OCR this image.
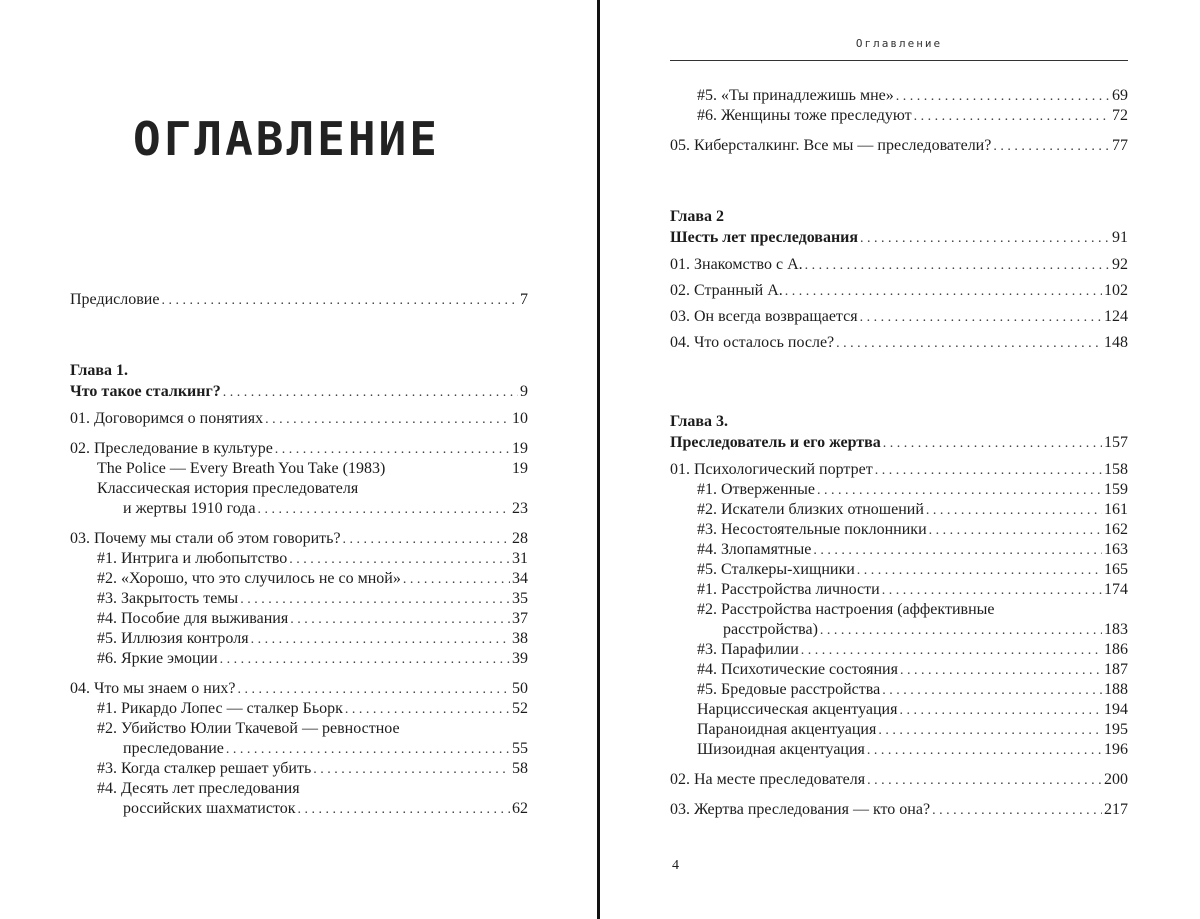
ОГЛАВЛЕНИЕ
Предисловие . . .	7
Глава 1.
Что такое сталкинг? . . .	9
01. Договоримся о понятиях . . .	10
02. Преследование в культуре . . .	19
The Police — Every Breath You Take (1983)	19
Классическая история преследователя
и жертвы 1910 года . . .	23
03. Почему мы стали об этом говорить? . . .	28
#1. Интрига и любопытство . . .	31
#2. «Хорошо, что это случилось не со мной» . . .	34
#3. Закрытость темы . . .	35
#4. Пособие для выживания . . .	37
#5. Иллюзия контроля . . .	38
#6. Яркие эмоции . . .	39
04. Что мы знаем о них? . . .	50
#1. Рикардо Лопес — сталкер Бьорк . . .	52
#2. Убийство Юлии Ткачевой — ревностное
преследование . . .	55
#3. Когда сталкер решает убить . . .	58
#4. Десять лет преследования
российских шахматисток . . .	62
Оглавление
#5. «Ты принадлежишь мне» . . .	69
#6. Женщины тоже преследуют . . .	72
05. Киберсталкинг. Все мы — преследователи? . . .	77
Глава 2
Шесть лет преследования . . .	91
01. Знакомство с А. . . .	92
02. Странный А. . . .	102
03. Он всегда возвращается . . .	124
04. Что осталось после? . . .	148
Глава 3.
Преследователь и его жертва . . .	157
01. Психологический портрет . . .	158
#1. Отверженные . . .	159
#2. Искатели близких отношений . . .	161
#3. Несостоятельные поклонники . . .	162
#4. Злопамятные . . .	163
#5. Сталкеры-хищники . . .	165
#1. Расстройства личности . . .	174
#2. Расстройства настроения (аффективные
расстройства) . . .	183
#3. Парафилии . . .	186
#4. Психотические состояния . . .	187
#5. Бредовые расстройства . . .	188
Нарциссическая акцентуация . . .	194
Параноидная акцентуация . . .	195
Шизоидная акцентуация . . .	196
02. На месте преследователя . . .	200
03. Жертва преследования — кто она? . . .	217
4
